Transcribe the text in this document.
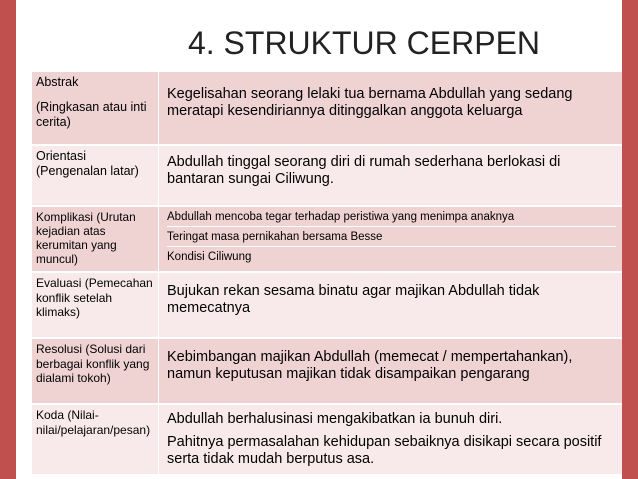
4. STRUKTUR CERPEN

Abstrak

(Ringkasan atau inti cerita)	Kegelisahan seorang lelaki tua bernama Abdullah yang sedang meratapi kesendiriannya ditinggalkan anggota keluarga

Orientasi (Pengenalan latar)	Abdullah tinggal seorang diri di rumah sederhana berlokasi di bantaran sungai Ciliwung.

Komplikasi (Urutan kejadian atas kerumitan yang muncul)	Abdullah mencoba tegar terhadap peristiwa yang menimpa anaknya

Teringat masa pernikahan bersama Besse

Kondisi Ciliwung

Evaluasi (Pemecahan konflik setelah klimaks)	Bujukan rekan sesama binatu agar majikan Abdullah tidak memecatnya

Resolusi (Solusi dari berbagai konflik yang dialami tokoh)	Kebimbangan majikan Abdullah (memecat / mempertahankan), namun keputusan majikan tidak disampaikan pengarang

Koda (Nilai-nilai/pelajaran/pesan)	Abdullah berhalusinasi mengakibatkan ia bunuh diri.

Pahitnya permasalahan kehidupan sebaiknya disikapi secara positif serta tidak mudah berputus asa.
